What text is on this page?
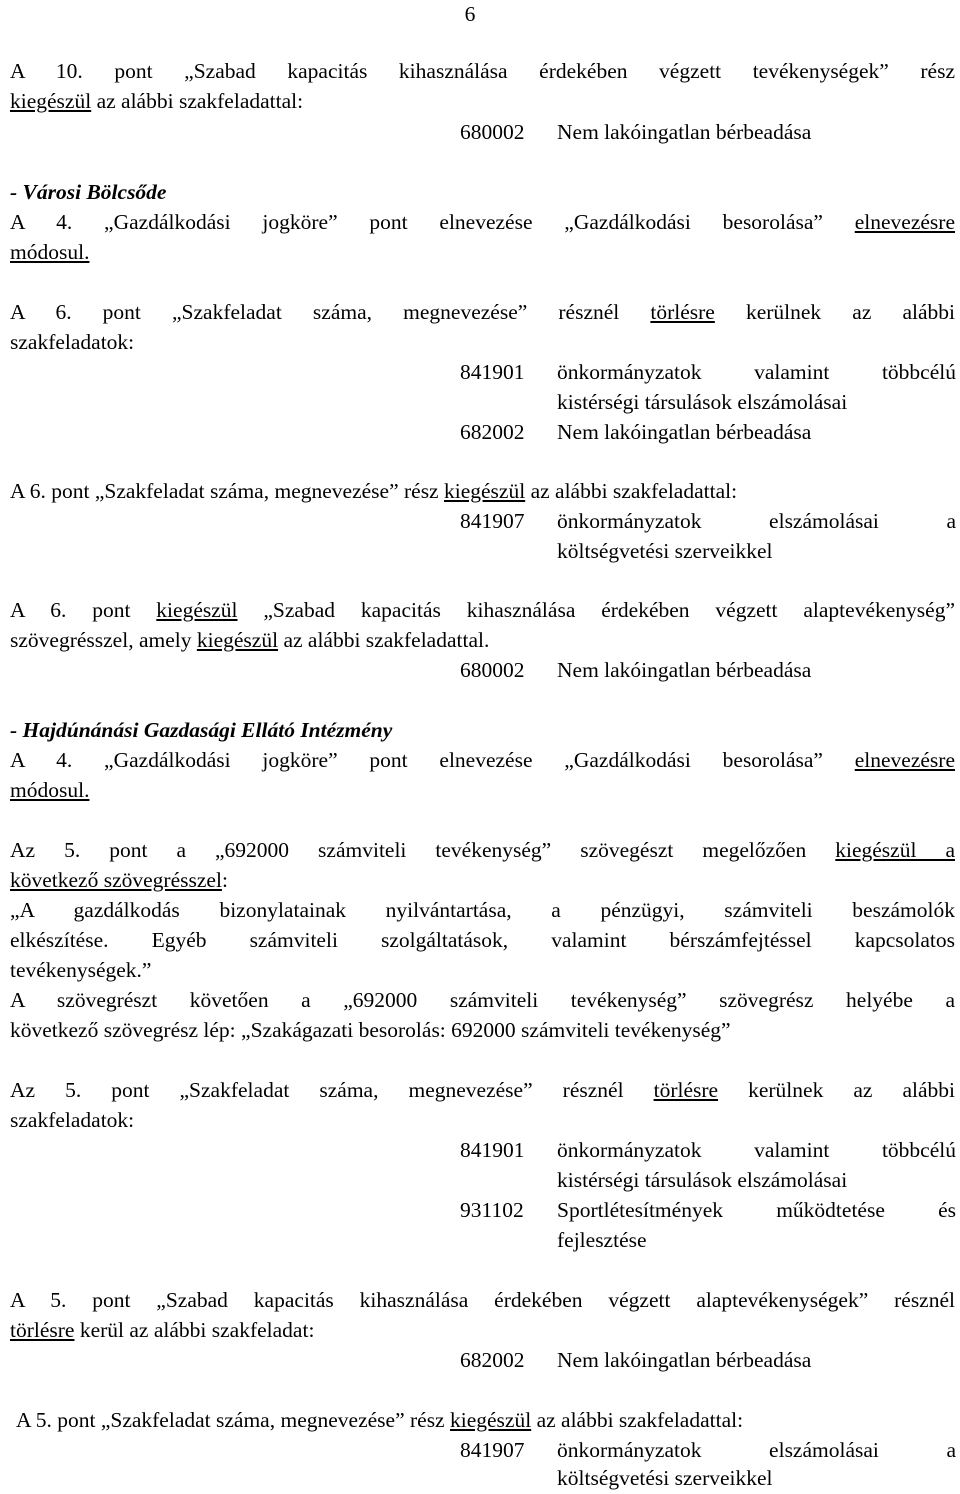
6
A 10. pont „Szabad kapacitás kihasználása érdekében végzett tevékenységek” rész
kiegészül az alábbi szakfeladattal:
680002 Nem lakóingatlan bérbeadása
- Városi Bölcsőde
A 4. „Gazdálkodási jogköre” pont elnevezése „Gazdálkodási besorolása” elnevezésre
módosul.
A 6. pont „Szakfeladat száma, megnevezése” résznél törlésre kerülnek az alábbi
szakfeladatok:
841901 önkormányzatok valamint többcélú
kistérségi társulások elszámolásai
682002 Nem lakóingatlan bérbeadása
A 6. pont „Szakfeladat száma, megnevezése” rész kiegészül az alábbi szakfeladattal:
841907 önkormányzatok elszámolásai a
költségvetési szerveikkel
A 6. pont kiegészül „Szabad kapacitás kihasználása érdekében végzett alaptevékenység”
szövegrésszel, amely kiegészül az alábbi szakfeladattal.
680002 Nem lakóingatlan bérbeadása
- Hajdúnánási Gazdasági Ellátó Intézmény
A 4. „Gazdálkodási jogköre” pont elnevezése „Gazdálkodási besorolása” elnevezésre
módosul.
Az 5. pont a „692000 számviteli tevékenység” szövegészt megelőzően kiegészül a
következő szövegrésszel:
„A gazdálkodás bizonylatainak nyilvántartása, a pénzügyi, számviteli beszámolók
elkészítése. Egyéb számviteli szolgáltatások, valamint bérszámfejtéssel kapcsolatos
tevékenységek.”
A szövegrészt követően a „692000 számviteli tevékenység” szövegrész helyébe a
következő szövegrész lép: „Szakágazati besorolás: 692000 számviteli tevékenység”
Az 5. pont „Szakfeladat száma, megnevezése” résznél törlésre kerülnek az alábbi
szakfeladatok:
841901 önkormányzatok valamint többcélú
kistérségi társulások elszámolásai
931102 Sportlétesítmények működtetése és
fejlesztése
A 5. pont „Szabad kapacitás kihasználása érdekében végzett alaptevékenységek” résznél
törlésre kerül az alábbi szakfeladat:
682002 Nem lakóingatlan bérbeadása
A 5. pont „Szakfeladat száma, megnevezése” rész kiegészül az alábbi szakfeladattal:
841907 önkormányzatok elszámolásai a
költségvetési szerveikkel
